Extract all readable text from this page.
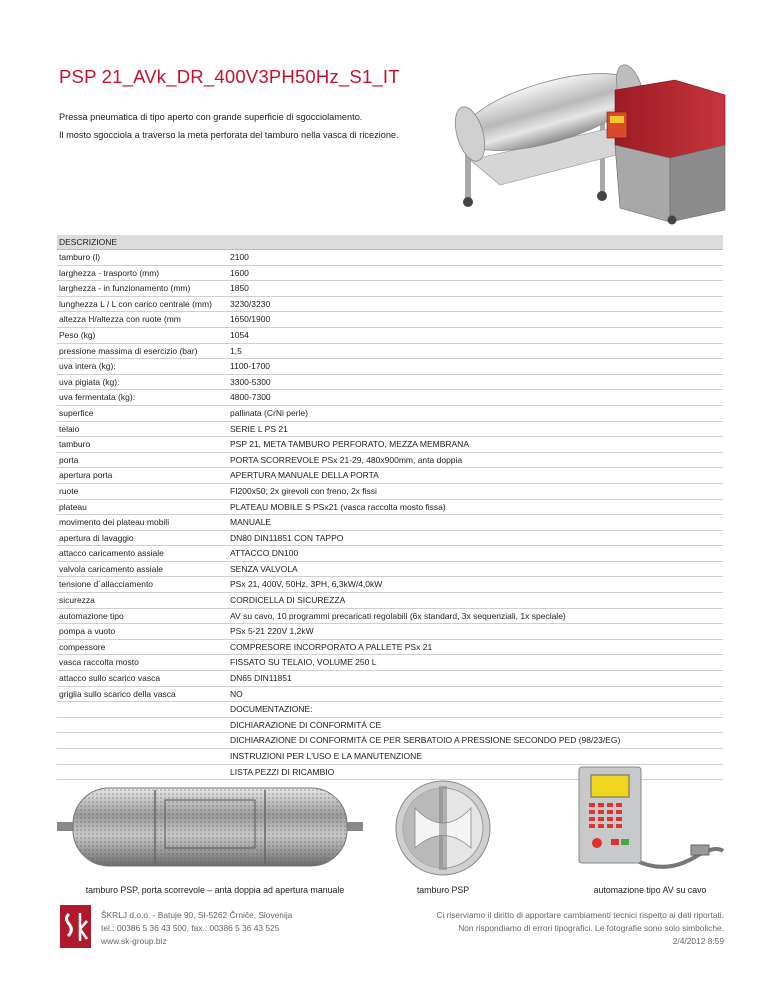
PSP 21_AVk_DR_400V3PH50Hz_S1_IT
Pressa pneumatica di tipo aperto con grande superficie di sgocciolamento.
Il mosto sgocciola a traverso la meta perforata del tamburo nella vasca di ricezione.
DESCRIZIONE
tamburo (l)	2100
larghezza - trasporto (mm)	1600
larghezza - in funzionamento (mm)	1850
lunghezza L / L con carico centrale (mm) 3230/3230
altezza H/altezza con ruote (mm	1650/1900
Peso (kg)	1054
pressione massima di esercizio (bar)	1,5
uva intera (kg):	1100-1700
uva pigiata (kg):	3300-5300
uva fermentata (kg):	4800-7300
superfice	pallinata (CrNi perle)
telaio	SERIE L PS 21
tamburo	PSP 21, META TAMBURO PERFORATO, MEZZA MEMBRANA
porta	PORTA SCORREVOLE PSx 21-29, 480x900mm, anta doppia
apertura porta	APERTURA MANUALE DELLA PORTA
ruote	FI200x50; 2x girevoli con freno, 2x fissi
plateau	PLATEAU MOBILE S PSx21 (vasca raccolta mosto fissa)
movimento dei plateau mobili	MANUALE
apertura di lavaggio	DN80 DIN11851 CON TAPPO
attacco caricamento assiale	ATTACCO DN100
valvola caricamento assiale	SENZA VALVOLA
tensione d´allacciamento	PSx 21, 400V, 50Hz, 3PH, 6,3kW/4,0kW
sicurezza	CORDICELLA DI SICUREZZA
automazione tipo	AV su cavo, 10 programmi precaricati regolabili (6x standard, 3x sequenziali, 1x speciale)
pompa a vuoto	PSx 5-21 220V 1,2kW
compessore	COMPRESORE INCORPORATO A PALLETE PSx 21
vasca raccolta mosto	FISSATO SU TELAIO, VOLUME 250 L
attacco sullo scarico vasca	DN65 DIN11851
griglia sullo scarico della vasca	NO
DOCUMENTAZIONE:
DICHIARAZIONE DI CONFORMITÁ CE
DICHIARAZIONE DI CONFORMITÁ CE PER SERBATOIO A PRESSIONE SECONDO PED (98/23/EG)
INSTRUZIONI PER L'USO E LA MANUTENZIONE
LISTA PEZZI DI RICAMBIO
tamburo PSP, porta scorrevole – anta doppia ad apertura manuale	tamburo PSP	automazione tipo AV su cavo
ŠKRLJ d.o.o. - Batuje 90, SI-5262 Črniče, Slovenija
tel.: 00386 5 36 43 500, fax.: 00386 5 36 43 525
www.sk-group.biz
Ci riserviamo il diritto di apportare cambiamenti tecnici rispetto ai dati riportati.
Non rispondiamo di errori tipografici. Le fotografie sono solo simboliche.
2/4/2012 8:59
